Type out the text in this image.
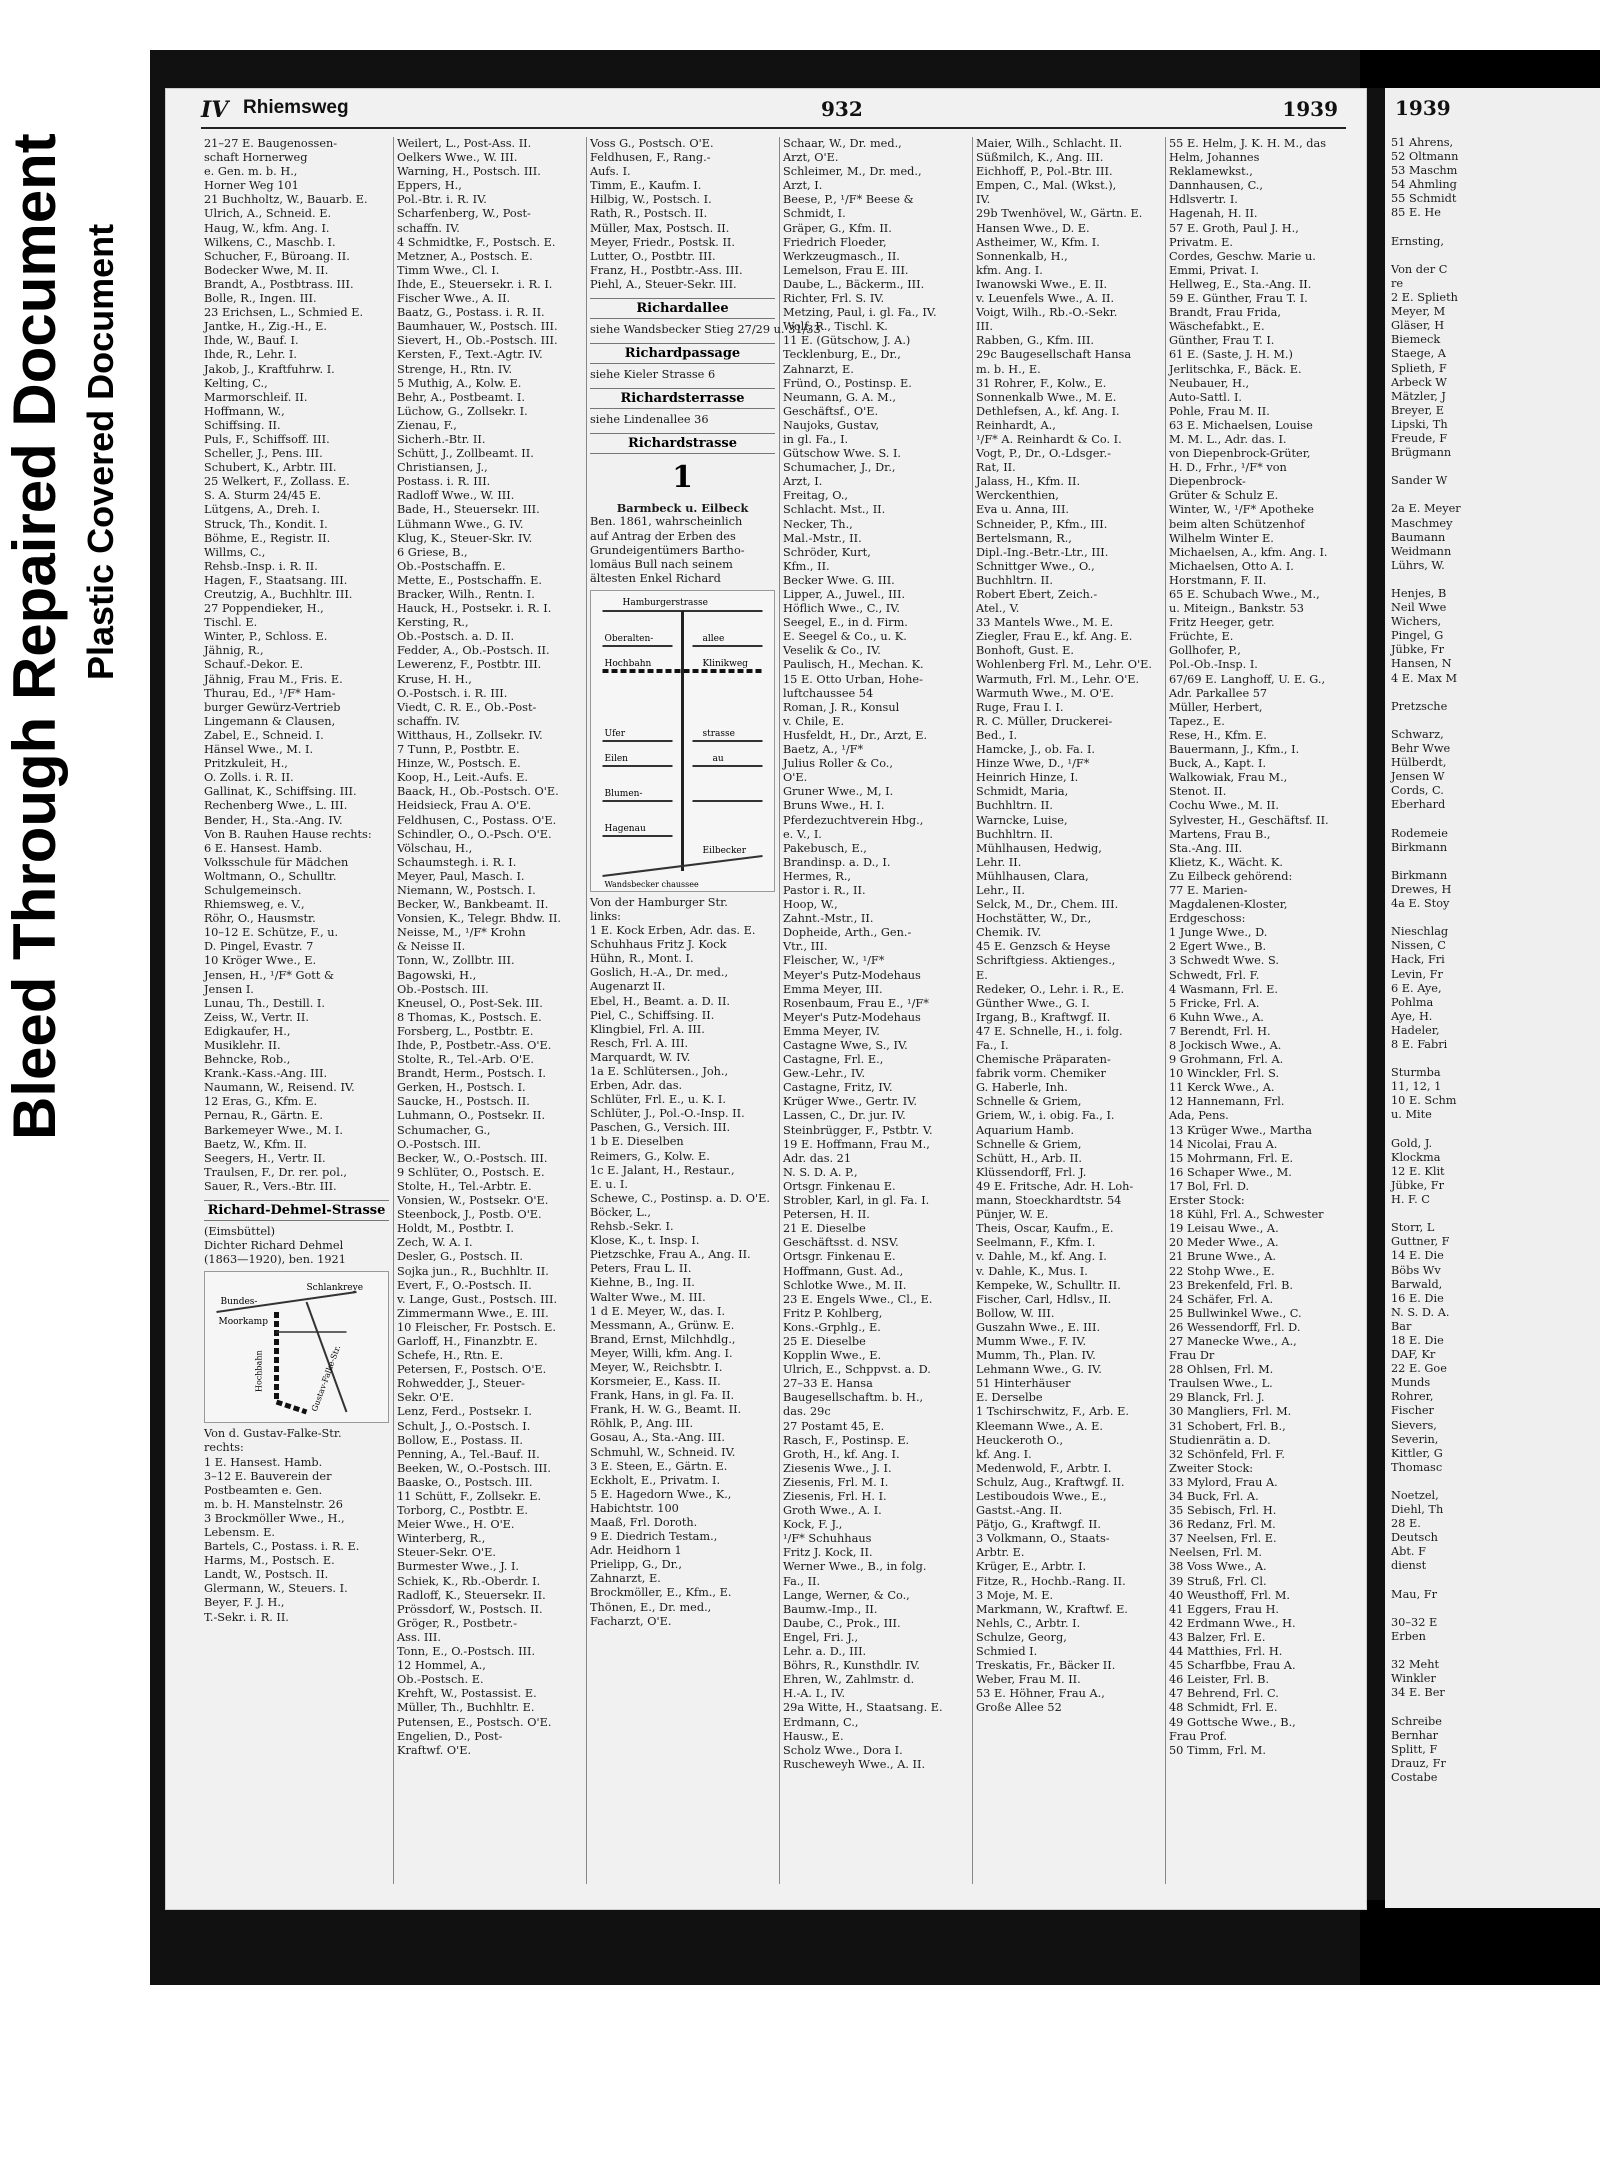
Bleed Through Repaired Document Plastic Covered Document
IV Rhiemsweg	932	1939
21–27 E. Baugenossen-
schaft Hornerweg
e. Gen. m. b. H.,
Horner Weg 101
21 Buchholtz, W., Bauarb. E.
Ulrich, A., Schneid. E.
Haug, W., kfm. Ang. I.
Wilkens, C., Maschb. I.
Schucher, F., Büroang. II.
Bodecker Wwe, M. II.
Brandt, A., Postbtrass. III.
Bolle, R., Ingen. III.
23 Erichsen, L., Schmied E.
Jantke, H., Zig.-H., E.
Ihde, W., Bauf. I.
Ihde, R., Lehr. I.
Jakob, J., Kraftfuhrw. I.
Kelting, C.,
Marmorschleif. II.
Hoffmann, W.,
Schiffsing. II.
Puls, F., Schiffsoff. III.
Scheller, J., Pens. III.
Schubert, K., Arbtr. III.
25 Welkert, F., Zollass. E.
S. A. Sturm 24/45 E.
Lütgens, A., Dreh. I.
Struck, Th., Kondit. I.
Böhme, E., Registr. II.
Willms, C.,
Rehsb.-Insp. i. R. II.
Hagen, F., Staatsang. III.
Creutzig, A., Buchhltr. III.
27 Poppendieker, H.,
Tischl. E.
Winter, P., Schloss. E.
Jähnig, R.,
Schauf.-Dekor. E.
Jähnig, Frau M., Fris. E.
Thurau, Ed., ¹/F* Ham-
burger Gewürz-Vertrieb
Lingemann & Clausen,
Zabel, E., Schneid. I.
Hänsel Wwe., M. I.
Pritzkuleit, H.,
O. Zolls. i. R. II.
Gallinat, K., Schiffsing. III.
Rechenberg Wwe., L. III.
Bender, H., Sta.-Ang. IV.
Von B. Rauhen Hause rechts:
6 E. Hansest. Hamb.
Volksschule für Mädchen
Woltmann, O., Schulltr.
Schulgemeinsch.
Rhiemsweg, e. V.,
Röhr, O., Hausmstr.
10–12 E. Schütze, F., u.
D. Pingel, Evastr. 7
10 Kröger Wwe., E.
Jensen, H., ¹/F* Gott &
Jensen I.
Lunau, Th., Destill. I.
Zeiss, W., Vertr. II.
Edigkaufer, H.,
Musiklehr. II.
Behncke, Rob.,
Krank.-Kass.-Ang. III.
Naumann, W., Reisend. IV.
12 Eras, G., Kfm. E.
Pernau, R., Gärtn. E.
Barkemeyer Wwe., M. I.
Baetz, W., Kfm. II.
Seegers, H., Vertr. II.
Traulsen, F., Dr. rer. pol.,
Sauer, R., Vers.-Btr. III.
Richard-Dehmel-Strasse
(Eimsbüttel)
Dichter Richard Dehmel
(1863—1920), ben. 1921
Bundes-
Moorkamp
Schlankreye
Hochbahn	Gustav-Falke-Str.
Von d. Gustav-Falke-Str.
rechts:
1 E. Hansest. Hamb.
3–12 E. Bauverein der
Postbeamten e. Gen.
m. b. H. Manstelnstr. 26
3 Brockmöller Wwe., H.,
Lebensm. E.
Bartels, C., Postass. i. R. E.
Harms, M., Postsch. E.
Landt, W., Postsch. II.
Glermann, W., Steuers. I.
Beyer, F. J. H.,
T.-Sekr. i. R. II.
Weilert, L., Post-Ass. II.
Oelkers Wwe., W. III.
Warning, H., Postsch. III.
Eppers, H.,
Pol.-Btr. i. R. IV.
Scharfenberg, W., Post-
schaffn. IV.
4 Schmidtke, F., Postsch. E.
Metzner, A., Postsch. E.
Timm Wwe., Cl. I.
Ihde, E., Steuersekr. i. R. I.
Fischer Wwe., A. II.
Baatz, G., Postass. i. R. II.
Baumhauer, W., Postsch. III.
Sievert, H., Ob.-Postsch. III.
Kersten, F., Text.-Agtr. IV.
Strenge, H., Rtn. IV.
5 Muthig, A., Kolw. E.
Behr, A., Postbeamt. I.
Lüchow, G., Zollsekr. I.
Zienau, F.,
Sicherh.-Btr. II.
Schütt, J., Zollbeamt. II.
Christiansen, J.,
Postass. i. R. III.
Radloff Wwe., W. III.
Bade, H., Steuersekr. III.
Lühmann Wwe., G. IV.
Klug, K., Steuer-Skr. IV.
6 Griese, B.,
Ob.-Postschaffn. E.
Mette, E., Postschaffn. E.
Bracker, Wilh., Rentn. I.
Hauck, H., Postsekr. i. R. I.
Kersting, R.,
Ob.-Postsch. a. D. II.
Fedder, A., Ob.-Postsch. II.
Lewerenz, F., Postbtr. III.
Kruse, H. H.,
O.-Postsch. i. R. III.
Viedt, C. R. E., Ob.-Post-
schaffn. IV.
Witthaus, H., Zollsekr. IV.
7 Tunn, P., Postbtr. E.
Hinze, W., Postsch. E.
Koop, H., Leit.-Aufs. E.
Baack, H., Ob.-Postsch. O'E.
Heidsieck, Frau A. O'E.
Feldhusen, C., Postass. O'E.
Schindler, O., O.-Psch. O'E.
Völschau, H.,
Schaumstegh. i. R. I.
Meyer, Paul, Masch. I.
Niemann, W., Postsch. I.
Becker, W., Bankbeamt. II.
Vonsien, K., Telegr. Bhdw. II.
Neisse, M., ¹/F* Krohn
& Neisse II.
Tonn, W., Zollbtr. III.
Bagowski, H.,
Ob.-Postsch. III.
Kneusel, O., Post-Sek. III.
8 Thomas, K., Postsch. E.
Forsberg, L., Postbtr. E.
Ihde, P., Postbetr.-Ass. O'E.
Stolte, R., Tel.-Arb. O'E.
Brandt, Herm., Postsch. I.
Gerken, H., Postsch. I.
Saucke, H., Postsch. II.
Luhmann, O., Postsekr. II.
Schumacher, G.,
O.-Postsch. III.
Becker, W., O.-Postsch. III.
9 Schlüter, O., Postsch. E.
Stolte, H., Tel.-Arbtr. E.
Vonsien, W., Postsekr. O'E.
Steenbock, J., Postb. O'E.
Holdt, M., Postbtr. I.
Zech, W. A. I.
Desler, G., Postsch. II.
Sojka jun., R., Buchhltr. II.
Evert, F., O.-Postsch. II.
v. Lange, Gust., Postsch. III.
Zimmermann Wwe., E. III.
10 Fleischer, Fr. Postsch. E.
Garloff, H., Finanzbtr. E.
Schefe, H., Rtn. E.
Petersen, F., Postsch. O'E.
Rohwedder, J., Steuer-
Sekr. O'E.
Lenz, Ferd., Postsekr. I.
Schult, J., O.-Postsch. I.
Bollow, E., Postass. II.
Penning, A., Tel.-Bauf. II.
Beeken, W., O.-Postsch. III.
Baaske, O., Postsch. III.
11 Schütt, F., Zollsekr. E.
Torborg, C., Postbtr. E.
Meier Wwe., H. O'E.
Winterberg, R.,
Steuer-Sekr. O'E.
Burmester Wwe., J. I.
Schiek, K., Rb.-Oberdr. I.
Radloff, K., Steuersekr. II.
Prössdorf, W., Postsch. II.
Gröger, R., Postbetr.-
Ass. III.
Tonn, E., O.-Postsch. III.
12 Hommel, A.,
Ob.-Postsch. E.
Krehft, W., Postassist. E.
Müller, Th., Buchhltr. E.
Putensen, E., Postsch. O'E.
Engelien, D., Post-
Kraftwf. O'E.
Voss G., Postsch. O'E.
Feldhusen, F., Rang.-
Aufs. I.
Timm, E., Kaufm. I.
Hilbig, W., Postsch. I.
Rath, R., Postsch. II.
Müller, Max, Postsch. II.
Meyer, Friedr., Postsk. II.
Lutter, O., Postbtr. III.
Franz, H., Postbtr.-Ass. III.
Piehl, A., Steuer-Sekr. III.
Richardallee
siehe Wandsbecker Stieg 27/29 u. 31/33
Richardpassage
siehe Kieler Strasse 6
Richardsterrasse
siehe Lindenallee 36
Richardstrasse
1
Barmbeck u. Eilbeck
Ben. 1861, wahrscheinlich
auf Antrag der Erben des
Grundeigentümers Bartho-
lomäus Bull nach seinem
ältesten Enkel Richard
Hamburgerstrasse
Oberalten-	allee
Hochbahn	Klinikweg
Ufer	strasse
Eilen	au
Blumen-
Hagenau
Eilbecker
Wandsbecker chaussee
Von der Hamburger Str.
links:
1 E. Kock Erben, Adr. das. E.
Schuhhaus Fritz J. Kock
Hühn, R., Mont. I.
Goslich, H.-A., Dr. med.,
Augenarzt II.
Ebel, H., Beamt. a. D. II.
Piel, C., Schiffsing. II.
Klingbiel, Frl. A. III.
Resch, Frl. A. III.
Marquardt, W. IV.
1a E. Schlütersen., Joh.,
Erben, Adr. das.
Schlüter, Frl. E., u. K. I.
Schlüter, J., Pol.-O.-Insp. II.
Paschen, G., Versich. III.
1 b E. Dieselben
Reimers, G., Kolw. E.
1c E. Jalant, H., Restaur.,
E. u. I.
Schewe, C., Postinsp. a. D. O'E.
Böcker, L.,
Rehsb.-Sekr. I.
Klose, K., t. Insp. I.
Pietzschke, Frau A., Ang. II.
Peters, Frau L. II.
Kiehne, B., Ing. II.
Walter Wwe., M. III.
1 d E. Meyer, W., das. I.
Messmann, A., Grünw. E.
Brand, Ernst, Milchhdlg.,
Meyer, Willi, kfm. Ang. I.
Meyer, W., Reichsbtr. I.
Korsmeier, E., Kass. II.
Frank, Hans, in gl. Fa. II.
Frank, H. W. G., Beamt. II.
Röhlk, P., Ang. III.
Gosau, A., Sta.-Ang. III.
Schmuhl, W., Schneid. IV.
3 E. Steen, E., Gärtn. E.
Eckholt, E., Privatm. I.
5 E. Hagedorn Wwe., K.,
Habichtstr. 100
Maaß, Frl. Doroth.
9 E. Diedrich Testam.,
Adr. Heidhorn 1
Prielipp, G., Dr.,
Zahnarzt, E.
Brockmöller, E., Kfm., E.
Thönen, E., Dr. med.,
Facharzt, O'E.
Schaar, W., Dr. med.,
Arzt, O'E.
Schleimer, M., Dr. med.,
Arzt, I.
Beese, P., ¹/F* Beese &
Schmidt, I.
Gräper, G., Kfm. II.
Friedrich Floeder,
Werkzeugmasch., II.
Lemelson, Frau E. III.
Daube, L., Bäckerm., III.
Richter, Frl. S. IV.
Metzing, Paul, i. gl. Fa., IV.
Wolf, R., Tischl. K.
11 E. (Gütschow, J. A.)
Tecklenburg, E., Dr.,
Zahnarzt, E.
Fründ, O., Postinsp. E.
Neumann, G. A. M.,
Geschäftsf., O'E.
Naujoks, Gustav,
in gl. Fa., I.
Gütschow Wwe. S. I.
Schumacher, J., Dr.,
Arzt, I.
Freitag, O.,
Schlacht. Mst., II.
Necker, Th.,
Mal.-Mstr., II.
Schröder, Kurt,
Kfm., II.
Becker Wwe. G. III.
Lipper, A., Juwel., III.
Höflich Wwe., C., IV.
Seegel, E., in d. Firm.
E. Seegel & Co., u. K.
Veselik & Co., IV.
Paulisch, H., Mechan. K.
15 E. Otto Urban, Hohe-
luftchaussee 54
Roman, J. R., Konsul
v. Chile, E.
Husfeldt, H., Dr., Arzt, E.
Baetz, A., ¹/F*
Julius Roller & Co.,
O'E.
Gruner Wwe., M, I.
Bruns Wwe., H. I.
Pferdezuchtverein Hbg.,
e. V., I.
Pakebusch, E.,
Brandinsp. a. D., I.
Hermes, R.,
Pastor i. R., II.
Hoop, W.,
Zahnt.-Mstr., II.
Dopheide, Arth., Gen.-
Vtr., III.
Fleischer, W., ¹/F*
Meyer's Putz-Modehaus
Emma Meyer, III.
Rosenbaum, Frau E., ¹/F*
Meyer's Putz-Modehaus
Emma Meyer, IV.
Castagne Wwe, S., IV.
Castagne, Frl. E.,
Gew.-Lehr., IV.
Castagne, Fritz, IV.
Krüger Wwe., Gertr. IV.
Lassen, C., Dr. jur. IV.
Steinbrügger, F., Pstbtr. V.
19 E. Hoffmann, Frau M.,
Adr. das. 21
N. S. D. A. P.,
Ortsgr. Finkenau E.
Strobler, Karl, in gl. Fa. I.
Petersen, H. II.
21 E. Dieselbe
Geschäftsst. d. NSV.
Ortsgr. Finkenau E.
Hoffmann, Gust. Ad.,
Schlotke Wwe., M. II.
23 E. Engels Wwe., Cl., E.
Fritz P. Kohlberg,
Kons.-Grphlg., E.
25 E. Dieselbe
Kopplin Wwe., E.
Ulrich, E., Schppvst. a. D.
27–33 E. Hansa
Baugesellschaftm. b. H.,
das. 29c
27 Postamt 45, E.
Rasch, F., Postinsp. E.
Groth, H., kf. Ang. I.
Ziesenis Wwe., J. I.
Ziesenis, Frl. M. I.
Ziesenis, Frl. H. I.
Groth Wwe., A. I.
Kock, F. J.,
¹/F* Schuhhaus
Fritz J. Kock, II.
Werner Wwe., B., in folg.
Fa., II.
Lange, Werner, & Co.,
Baumw.-Imp., II.
Daube, C., Prok., III.
Engel, Fri. J.,
Lehr. a. D., III.
Böhrs, R., Kunsthdlr. IV.
Ehren, W., Zahlmstr. d.
H.-A. I., IV.
29a Witte, H., Staatsang. E.
Erdmann, C.,
Hausw., E.
Scholz Wwe., Dora I.
Ruscheweyh Wwe., A. II.
Maier, Wilh., Schlacht. II.
Süßmilch, K., Ang. III.
Eichhoff, P., Pol.-Btr. III.
Empen, C., Mal. (Wkst.),
IV.
29b Twenhövel, W., Gärtn. E.
Hansen Wwe., D. E.
Astheimer, W., Kfm. I.
Sonnenkalb, H.,
kfm. Ang. I.
Iwanowski Wwe., E. II.
v. Leuenfels Wwe., A. II.
Voigt, Wilh., Rb.-O.-Sekr.
III.
Rabben, G., Kfm. III.
29c Baugesellschaft Hansa
m. b. H., E.
31 Rohrer, F., Kolw., E.
Sonnenkalb Wwe., M. E.
Dethlefsen, A., kf. Ang. I.
Reinhardt, A.,
¹/F* A. Reinhardt & Co. I.
Vogt, P., Dr., O.-Ldsger.-
Rat, II.
Jalass, H., Kfm. II.
Werckenthien,
Eva u. Anna, III.
Schneider, P., Kfm., III.
Bertelsmann, R.,
Dipl.-Ing.-Betr.-Ltr., III.
Schnittger Wwe., O.,
Buchhltrn. II.
Robert Ebert, Zeich.-
Atel., V.
33 Mantels Wwe., M. E.
Ziegler, Frau E., kf. Ang. E.
Bonhoft, Gust. E.
Wohlenberg Frl. M., Lehr. O'E.
Warmuth, Frl. M., Lehr. O'E.
Warmuth Wwe., M. O'E.
Ruge, Frau I. I.
R. C. Müller, Druckerei-
Bed., I.
Hamcke, J., ob. Fa. I.
Hinze Wwe, D., ¹/F*
Heinrich Hinze, I.
Schmidt, Maria,
Buchhltrn. II.
Warncke, Luise,
Buchhltrn. II.
Mühlhausen, Hedwig,
Lehr. II.
Mühlhausen, Clara,
Lehr., II.
Selck, M., Dr., Chem. III.
Hochstätter, W., Dr.,
Chemik. IV.
45 E. Genzsch & Heyse
Schriftgiess. Aktienges.,
E.
Redeker, O., Lehr. i. R., E.
Günther Wwe., G. I.
Irgang, B., Kraftwgf. II.
47 E. Schnelle, H., i. folg.
Fa., I.
Chemische Präparaten-
fabrik vorm. Chemiker
G. Haberle, Inh.
Schnelle & Griem,
Griem, W., i. obig. Fa., I.
Aquarium Hamb.
Schnelle & Griem,
Schütt, H., Arb. II.
Klüssendorff, Frl. J.
49 E. Fritsche, Adr. H. Loh-
mann, Stoeckhardtstr. 54
Pünjer, W. E.
Theis, Oscar, Kaufm., E.
Seelmann, F., Kfm. I.
v. Dahle, M., kf. Ang. I.
v. Dahle, K., Mus. I.
Kempeke, W., Schulltr. II.
Fischer, Carl, Hdlsv., II.
Bollow, W. III.
Guszahn Wwe., E. III.
Mumm Wwe., F. IV.
Mumm, Th., Plan. IV.
Lehmann Wwe., G. IV.
51 Hinterhäuser
E. Derselbe
1 Tschirschwitz, F., Arb. E.
Kleemann Wwe., A. E.
Heuckeroth O.,
kf. Ang. I.
Medenwold, F., Arbtr. I.
Schulz, Aug., Kraftwgf. II.
Lestiboudois Wwe., E.,
Gastst.-Ang. II.
Pätjo, G., Kraftwgf. II.
3 Volkmann, O., Staats-
Arbtr. E.
Krüger, E., Arbtr. I.
Fitze, R., Hochb.-Rang. II.
3 Moje, M. E.
Markmann, W., Kraftwf. E.
Nehls, C., Arbtr. I.
Schulze, Georg,
Schmied I.
Treskatis, Fr., Bäcker II.
Weber, Frau M. II.
53 E. Höhner, Frau A.,
Große Allee 52
55 E. Helm, J. K. H. M., das
Helm, Johannes
Reklamewkst.,
Dannhausen, C.,
Hdlsvertr. I.
Hagenah, H. II.
57 E. Groth, Paul J. H.,
Privatm. E.
Cordes, Geschw. Marie u.
Emmi, Privat. I.
Hellweg, E., Sta.-Ang. II.
59 E. Günther, Frau T. I.
Brandt, Frau Frida,
Wäschefabkt., E.
Günther, Frau T. I.
61 E. (Saste, J. H. M.)
Jerlitschka, F., Bäck. E.
Neubauer, H.,
Auto-Sattl. I.
Pohle, Frau M. II.
63 E. Michaelsen, Louise
M. M. L., Adr. das. I.
von Diepenbrock-Grüter,
H. D., Frhr., ¹/F* von
Diepenbrock-
Grüter & Schulz E.
Winter, W., ¹/F* Apotheke
beim alten Schützenhof
Wilhelm Winter E.
Michaelsen, A., kfm. Ang. I.
Michaelsen, Otto A. I.
Horstmann, F. II.
65 E. Schubach Wwe., M.,
u. Miteign., Bankstr. 53
Fritz Heeger, getr.
Früchte, E.
Gollhofer, P.,
Pol.-Ob.-Insp. I.
67/69 E. Langhoff, U. E. G.,
Adr. Parkallee 57
Müller, Herbert,
Tapez., E.
Rese, H., Kfm. E.
Bauermann, J., Kfm., I.
Buck, A., Kapt. I.
Walkowiak, Frau M.,
Stenot. II.
Cochu Wwe., M. II.
Sylvester, H., Geschäftsf. II.
Martens, Frau B.,
Sta.-Ang. III.
Klietz, K., Wächt. K.
Zu Eilbeck gehörend:
77 E. Marien-
Magdalenen-Kloster,
Erdgeschoss:
1 Junge Wwe., D.
2 Egert Wwe., B.
3 Schwedt Wwe. S.
Schwedt, Frl. F.
4 Wasmann, Frl. E.
5 Fricke, Frl. A.
6 Kuhn Wwe., A.
7 Berendt, Frl. H.
8 Jockisch Wwe., A.
9 Grohmann, Frl. A.
10 Winckler, Frl. S.
11 Kerck Wwe., A.
12 Hannemann, Frl.
Ada, Pens.
13 Krüger Wwe., Martha
14 Nicolai, Frau A.
15 Mohrmann, Frl. E.
16 Schaper Wwe., M.
17 Bol, Frl. D.
Erster Stock:
18 Kühl, Frl. A., Schwester
19 Leisau Wwe., A.
20 Meder Wwe., A.
21 Brune Wwe., A.
22 Stohp Wwe., E.
23 Brekenfeld, Frl. B.
24 Schäfer, Frl. A.
25 Bullwinkel Wwe., C.
26 Wessendorff, Frl. D.
27 Manecke Wwe., A.,
Frau Dr
28 Ohlsen, Frl. M.
Traulsen Wwe., L.
29 Blanck, Frl. J.
30 Mangliers, Frl. M.
31 Schobert, Frl. B.,
Studienrätin a. D.
32 Schönfeld, Frl. F.
Zweiter Stock:
33 Mylord, Frau A.
34 Buck, Frl. A.
35 Sebisch, Frl. H.
36 Redanz, Frl. M.
37 Neelsen, Frl. E.
Neelsen, Frl. M.
38 Voss Wwe., A.
39 Struß, Frl. Cl.
40 Weusthoff, Frl. M.
41 Eggers, Frau H.
42 Erdmann Wwe., H.
43 Balzer, Frl. E.
44 Matthies, Frl. H.
45 Scharfbbe, Frau A.
46 Leister, Frl. B.
47 Behrend, Frl. C.
48 Schmidt, Frl. E.
49 Gottsche Wwe., B.,
Frau Prof.
50 Timm, Frl. M.
1939
51 Ahrens,
52 Oltmann
53 Maschm
54 Ahmling
55 Schmidt
85 E. He

Ernsting,

Von der C
re
2 E. Splieth
Meyer, M
Gläser, H
Biemeck
Staege, A
Splieth, F
Arbeck W
Mätzler, J
Breyer, E
Lipski, Th
Freude, F
Brügmann

Sander W

2a E. Meyer
Maschmey
Baumann
Weidmann
Lührs, W.

Henjes, B
Neil Wwe
Wichers,
Pingel, G
Jübke, Fr
Hansen, N
4 E. Max M

Pretzsche

Schwarz,
Behr Wwe
Hülberdt,
Jensen W
Cords, C.
Eberhard

Rodemeie
Birkmann

Birkmann
Drewes, H
4a E. Stoy

Nieschlag
Nissen, C
Hack, Fri
Levin, Fr
6 E. Aye,
Pohlma
Aye, H.
Hadeler,
8 E. Fabri

Sturmba
11, 12, 1
10 E. Schm
u. Mite

Gold, J.
Klockma
12 E. Klit
Jübke, Fr
H. F. C

Storr, L
Guttner, F
14 E. Die
Böbs Wv
Barwald,
16 E. Die
N. S. D. A.
Bar
18 E. Die
DAF, Kr
22 E. Goe
Munds
Rohrer,
Fischer
Sievers,
Severin,
Kittler, G
Thomasc

Noetzel,
Diehl, Th
28 E.
Deutsch
Abt. F
dienst

Mau, Fr

30–32 E
Erben

32 Meht
Winkler
34 E. Ber

Schreibe
Bernhar
Splitt, F
Drauz, Fr
Costabe
